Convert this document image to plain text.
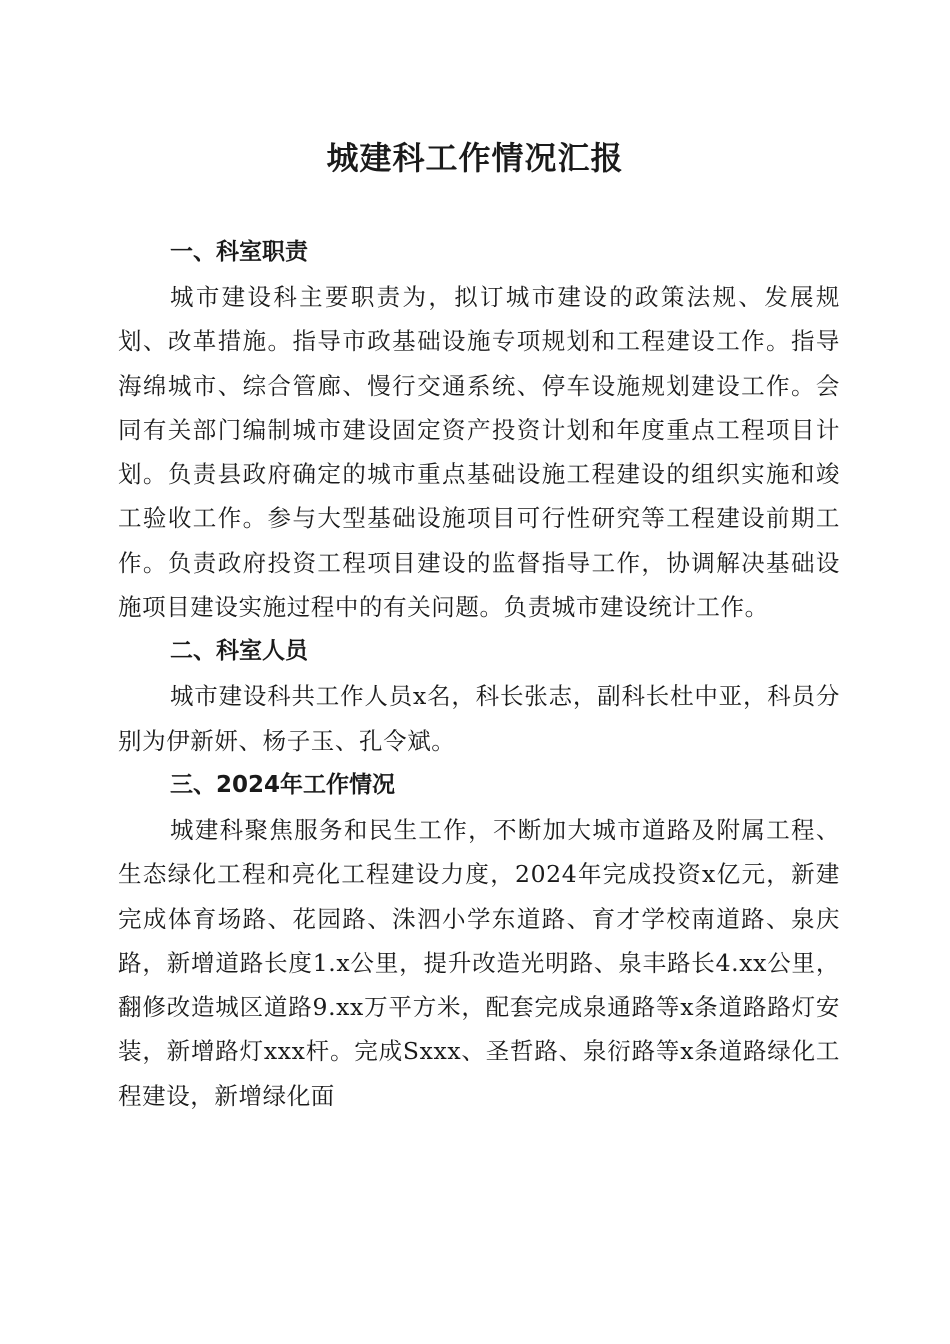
城建科工作情况汇报
一、科室职责

城市建设科主要职责为，拟订城市建设的政策法规、发展规划、改革措施。指导市政基础设施专项规划和工程建设工作。指导海绵城市、综合管廊、慢行交通系统、停车设施规划建设工作。会同有关部门编制城市建设固定资产投资计划和年度重点工程项目计划。负责县政府确定的城市重点基础设施工程建设的组织实施和竣工验收工作。参与大型基础设施项目可行性研究等工程建设前期工作。负责政府投资工程项目建设的监督指导工作，协调解决基础设施项目建设实施过程中的有关问题。负责城市建设统计工作。

二、科室人员

城市建设科共工作人员x名，科长张志，副科长杜中亚，科员分别为伊新妍、杨子玉、孔令斌。

三、2024年工作情况

城建科聚焦服务和民生工作，不断加大城市道路及附属工程、生态绿化工程和亮化工程建设力度，2024年完成投资x亿元，新建完成体育场路、花园路、洙泗小学东道路、育才学校南道路、泉庆路，新增道路长度1.x公里，提升改造光明路、泉丰路长4.xx公里，翻修改造城区道路9.xx万平方米，配套完成泉通路等x条道路路灯安装，新增路灯xxx杆。完成Sxxx、圣哲路、泉衍路等x条道路绿化工程建设，新增绿化面
